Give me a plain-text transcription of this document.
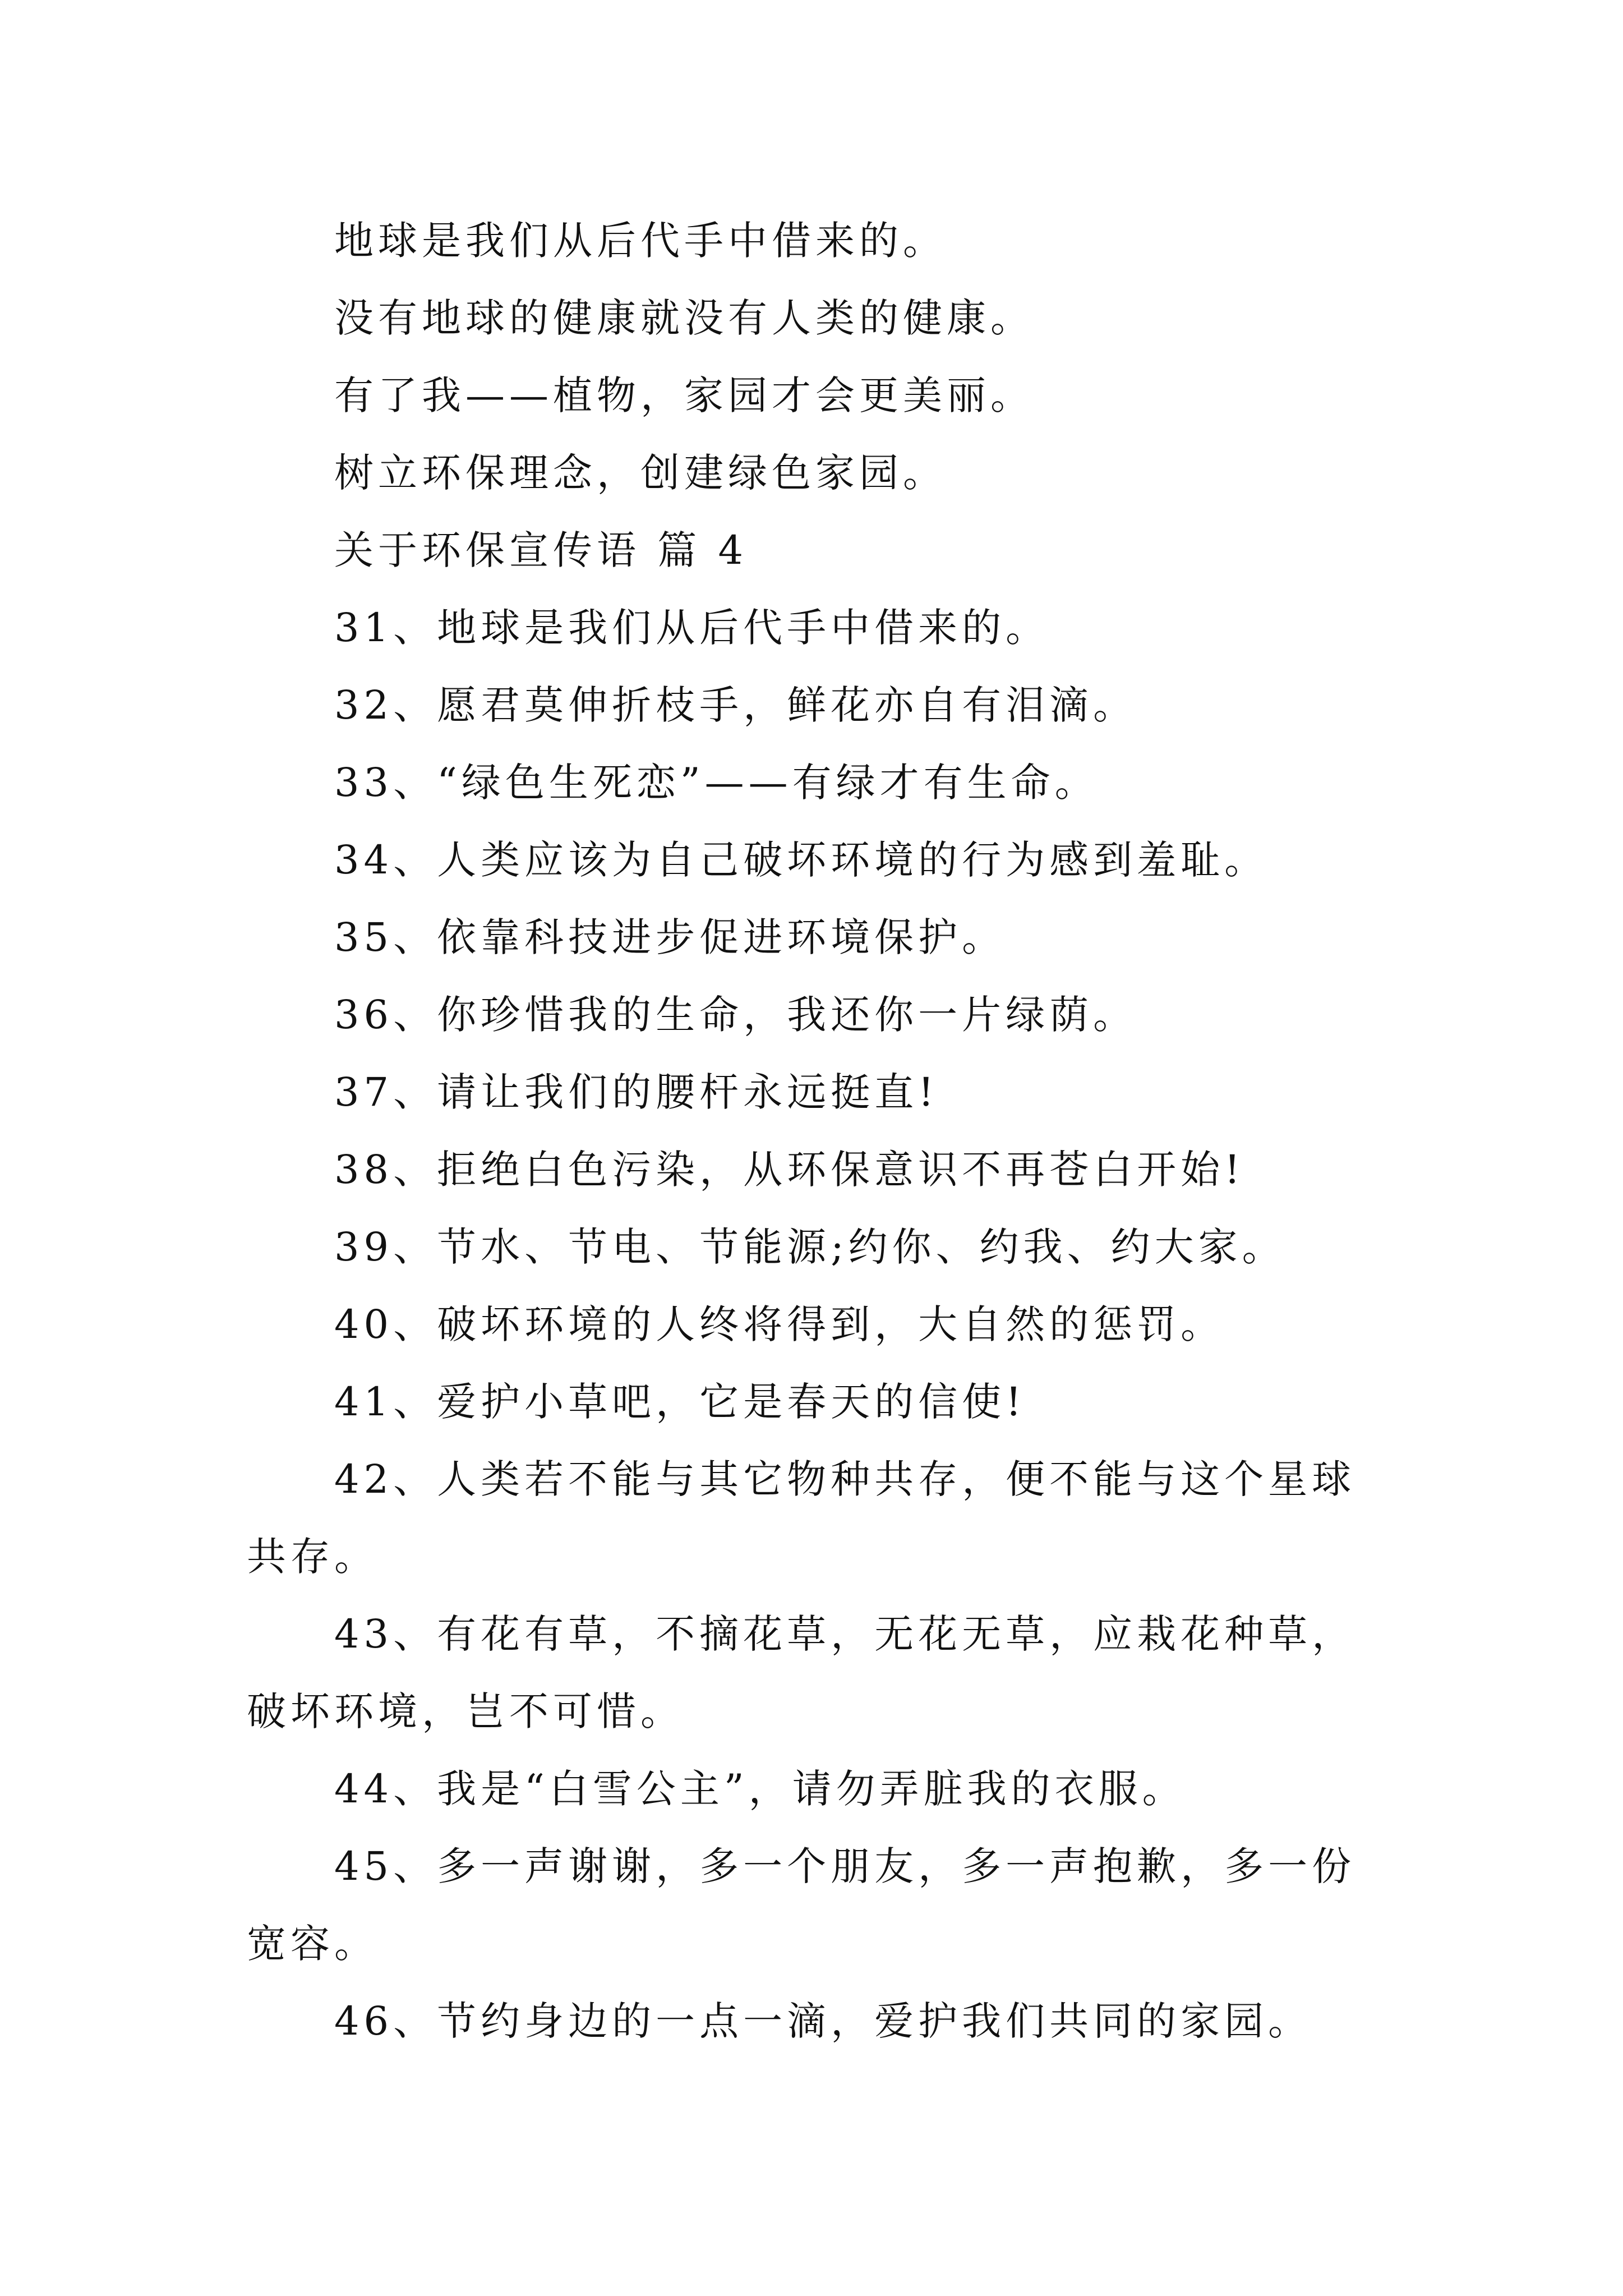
地球是我们从后代手中借来的。

没有地球的健康就没有人类的健康。

有了我——植物，家园才会更美丽。

树立环保理念，创建绿色家园。

关于环保宣传语 篇 4

31、地球是我们从后代手中借来的。

32、愿君莫伸折枝手，鲜花亦自有泪滴。

33、“绿色生死恋”——有绿才有生命。

34、人类应该为自己破坏环境的行为感到羞耻。

35、依靠科技进步促进环境保护。

36、你珍惜我的生命，我还你一片绿荫。

37、请让我们的腰杆永远挺直!

38、拒绝白色污染，从环保意识不再苍白开始!

39、节水、节电、节能源;约你、约我、约大家。

40、破坏环境的人终将得到，大自然的惩罚。

41、爱护小草吧，它是春天的信使!

42、人类若不能与其它物种共存，便不能与这个星球共存。

43、有花有草，不摘花草，无花无草，应栽花种草，破坏环境，岂不可惜。

44、我是“白雪公主”，请勿弄脏我的衣服。

45、多一声谢谢，多一个朋友，多一声抱歉，多一份宽容。

46、节约身边的一点一滴，爱护我们共同的家园。
